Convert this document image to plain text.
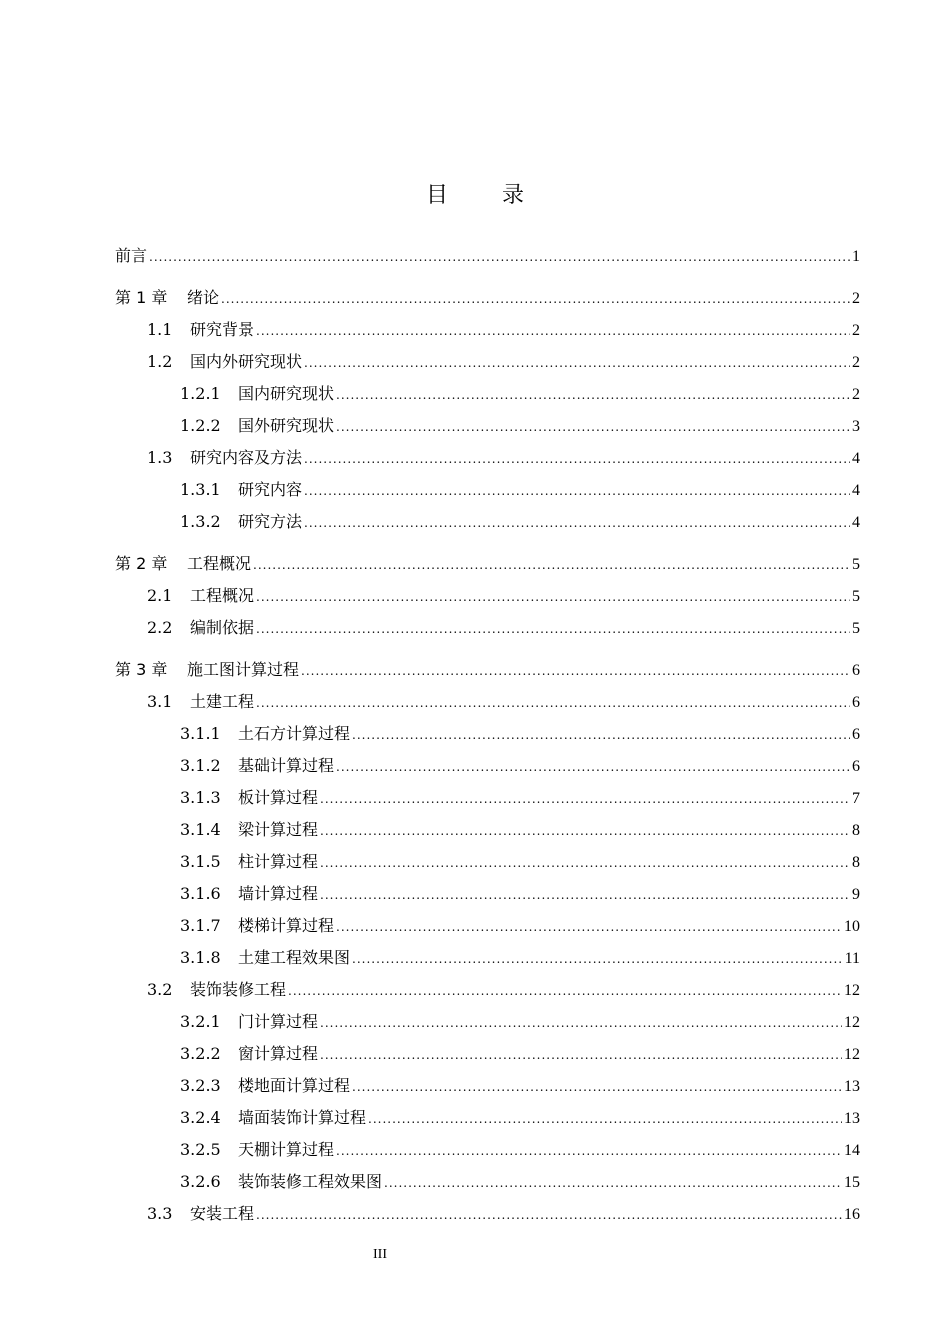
目录
前言 .....	1
第 1 章	绪论 .....	2
1.1	研究背景 .....	2
1.2	国内外研究现状 .....	2
1.2.1	国内研究现状 .....	2
1.2.2	国外研究现状 .....	3
1.3	研究内容及方法 .....	4
1.3.1	研究内容 .....	4
1.3.2	研究方法 .....	4
第 2 章	工程概况 .....	5
2.1	工程概况 .....	5
2.2	编制依据 .....	5
第 3 章	施工图计算过程 .....	6
3.1	土建工程 .....	6
3.1.1	土石方计算过程 .....	6
3.1.2	基础计算过程 .....	6
3.1.3	板计算过程 .....	7
3.1.4	梁计算过程 .....	8
3.1.5	柱计算过程 .....	8
3.1.6	墙计算过程 .....	9
3.1.7	楼梯计算过程 .....	10
3.1.8	土建工程效果图 .....	11
3.2	装饰装修工程 .....	12
3.2.1	门计算过程 .....	12
3.2.2	窗计算过程 .....	12
3.2.3	楼地面计算过程 .....	13
3.2.4	墙面装饰计算过程 .....	13
3.2.5	天棚计算过程 .....	14
3.2.6	装饰装修工程效果图 .....	15
3.3	安装工程 .....	16
III
